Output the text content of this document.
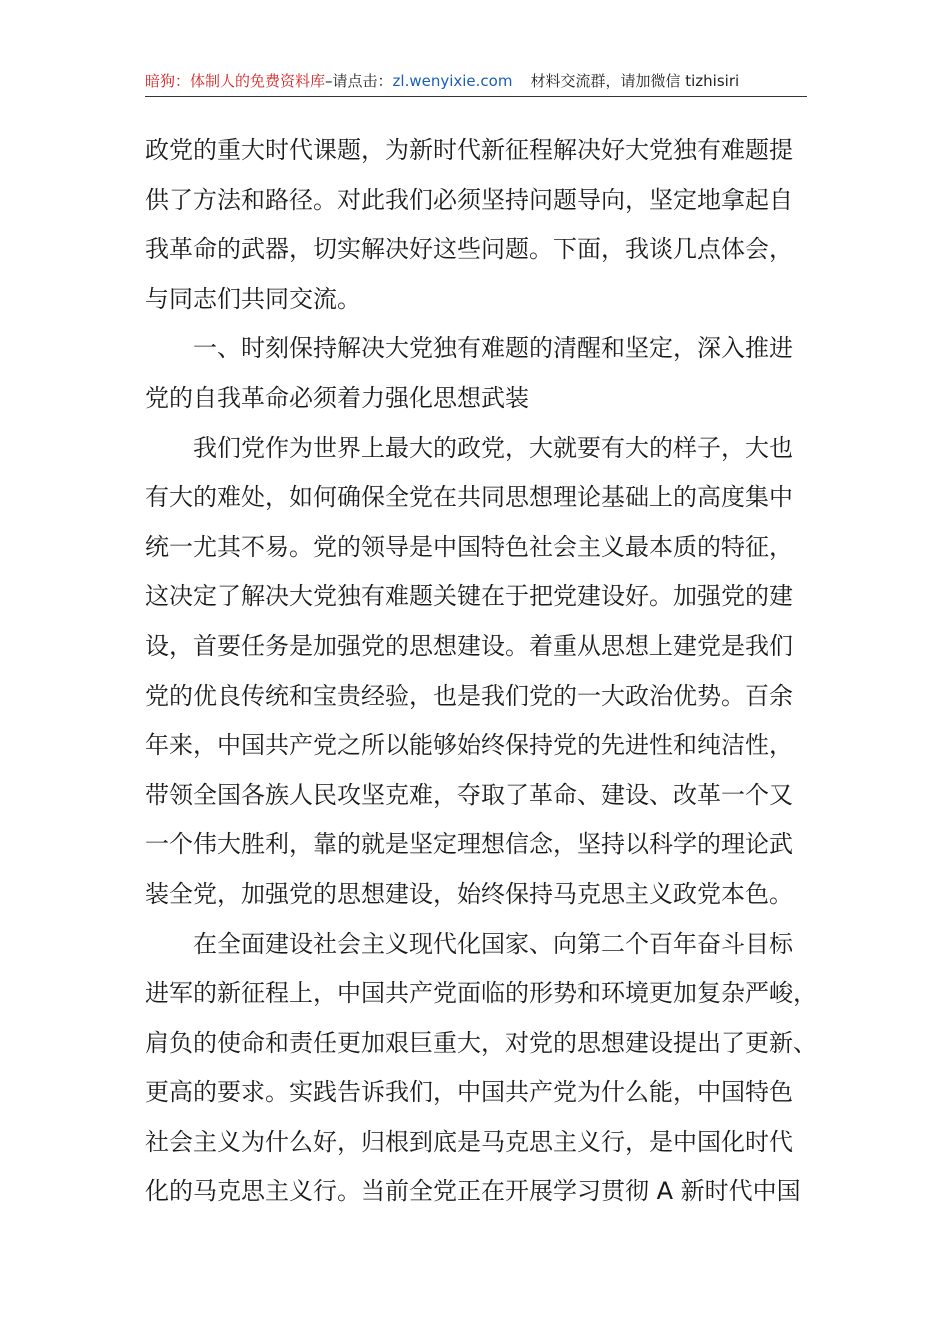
暗狗：体制人的免费资料库–请点击：zl.wenyixie.com 材料交流群，请加微信 tizhisiri
政党的重大时代课题，为新时代新征程解决好大党独有难题提
供了方法和路径。对此我们必须坚持问题导向，坚定地拿起自
我革命的武器，切实解决好这些问题。下面，我谈几点体会，
与同志们共同交流。
　　一、时刻保持解决大党独有难题的清醒和坚定，深入推进
党的自我革命必须着力强化思想武装
　　我们党作为世界上最大的政党，大就要有大的样子，大也
有大的难处，如何确保全党在共同思想理论基础上的高度集中
统一尤其不易。党的领导是中国特色社会主义最本质的特征，
这决定了解决大党独有难题关键在于把党建设好。加强党的建
设，首要任务是加强党的思想建设。着重从思想上建党是我们
党的优良传统和宝贵经验，也是我们党的一大政治优势。百余
年来，中国共产党之所以能够始终保持党的先进性和纯洁性，
带领全国各族人民攻坚克难，夺取了革命、建设、改革一个又
一个伟大胜利，靠的就是坚定理想信念，坚持以科学的理论武
装全党，加强党的思想建设，始终保持马克思主义政党本色。
　　在全面建设社会主义现代化国家、向第二个百年奋斗目标
进军的新征程上，中国共产党面临的形势和环境更加复杂严峻，
肩负的使命和责任更加艰巨重大，对党的思想建设提出了更新、
更高的要求。实践告诉我们，中国共产党为什么能，中国特色
社会主义为什么好，归根到底是马克思主义行，是中国化时代
化的马克思主义行。当前全党正在开展学习贯彻 A 新时代中国
